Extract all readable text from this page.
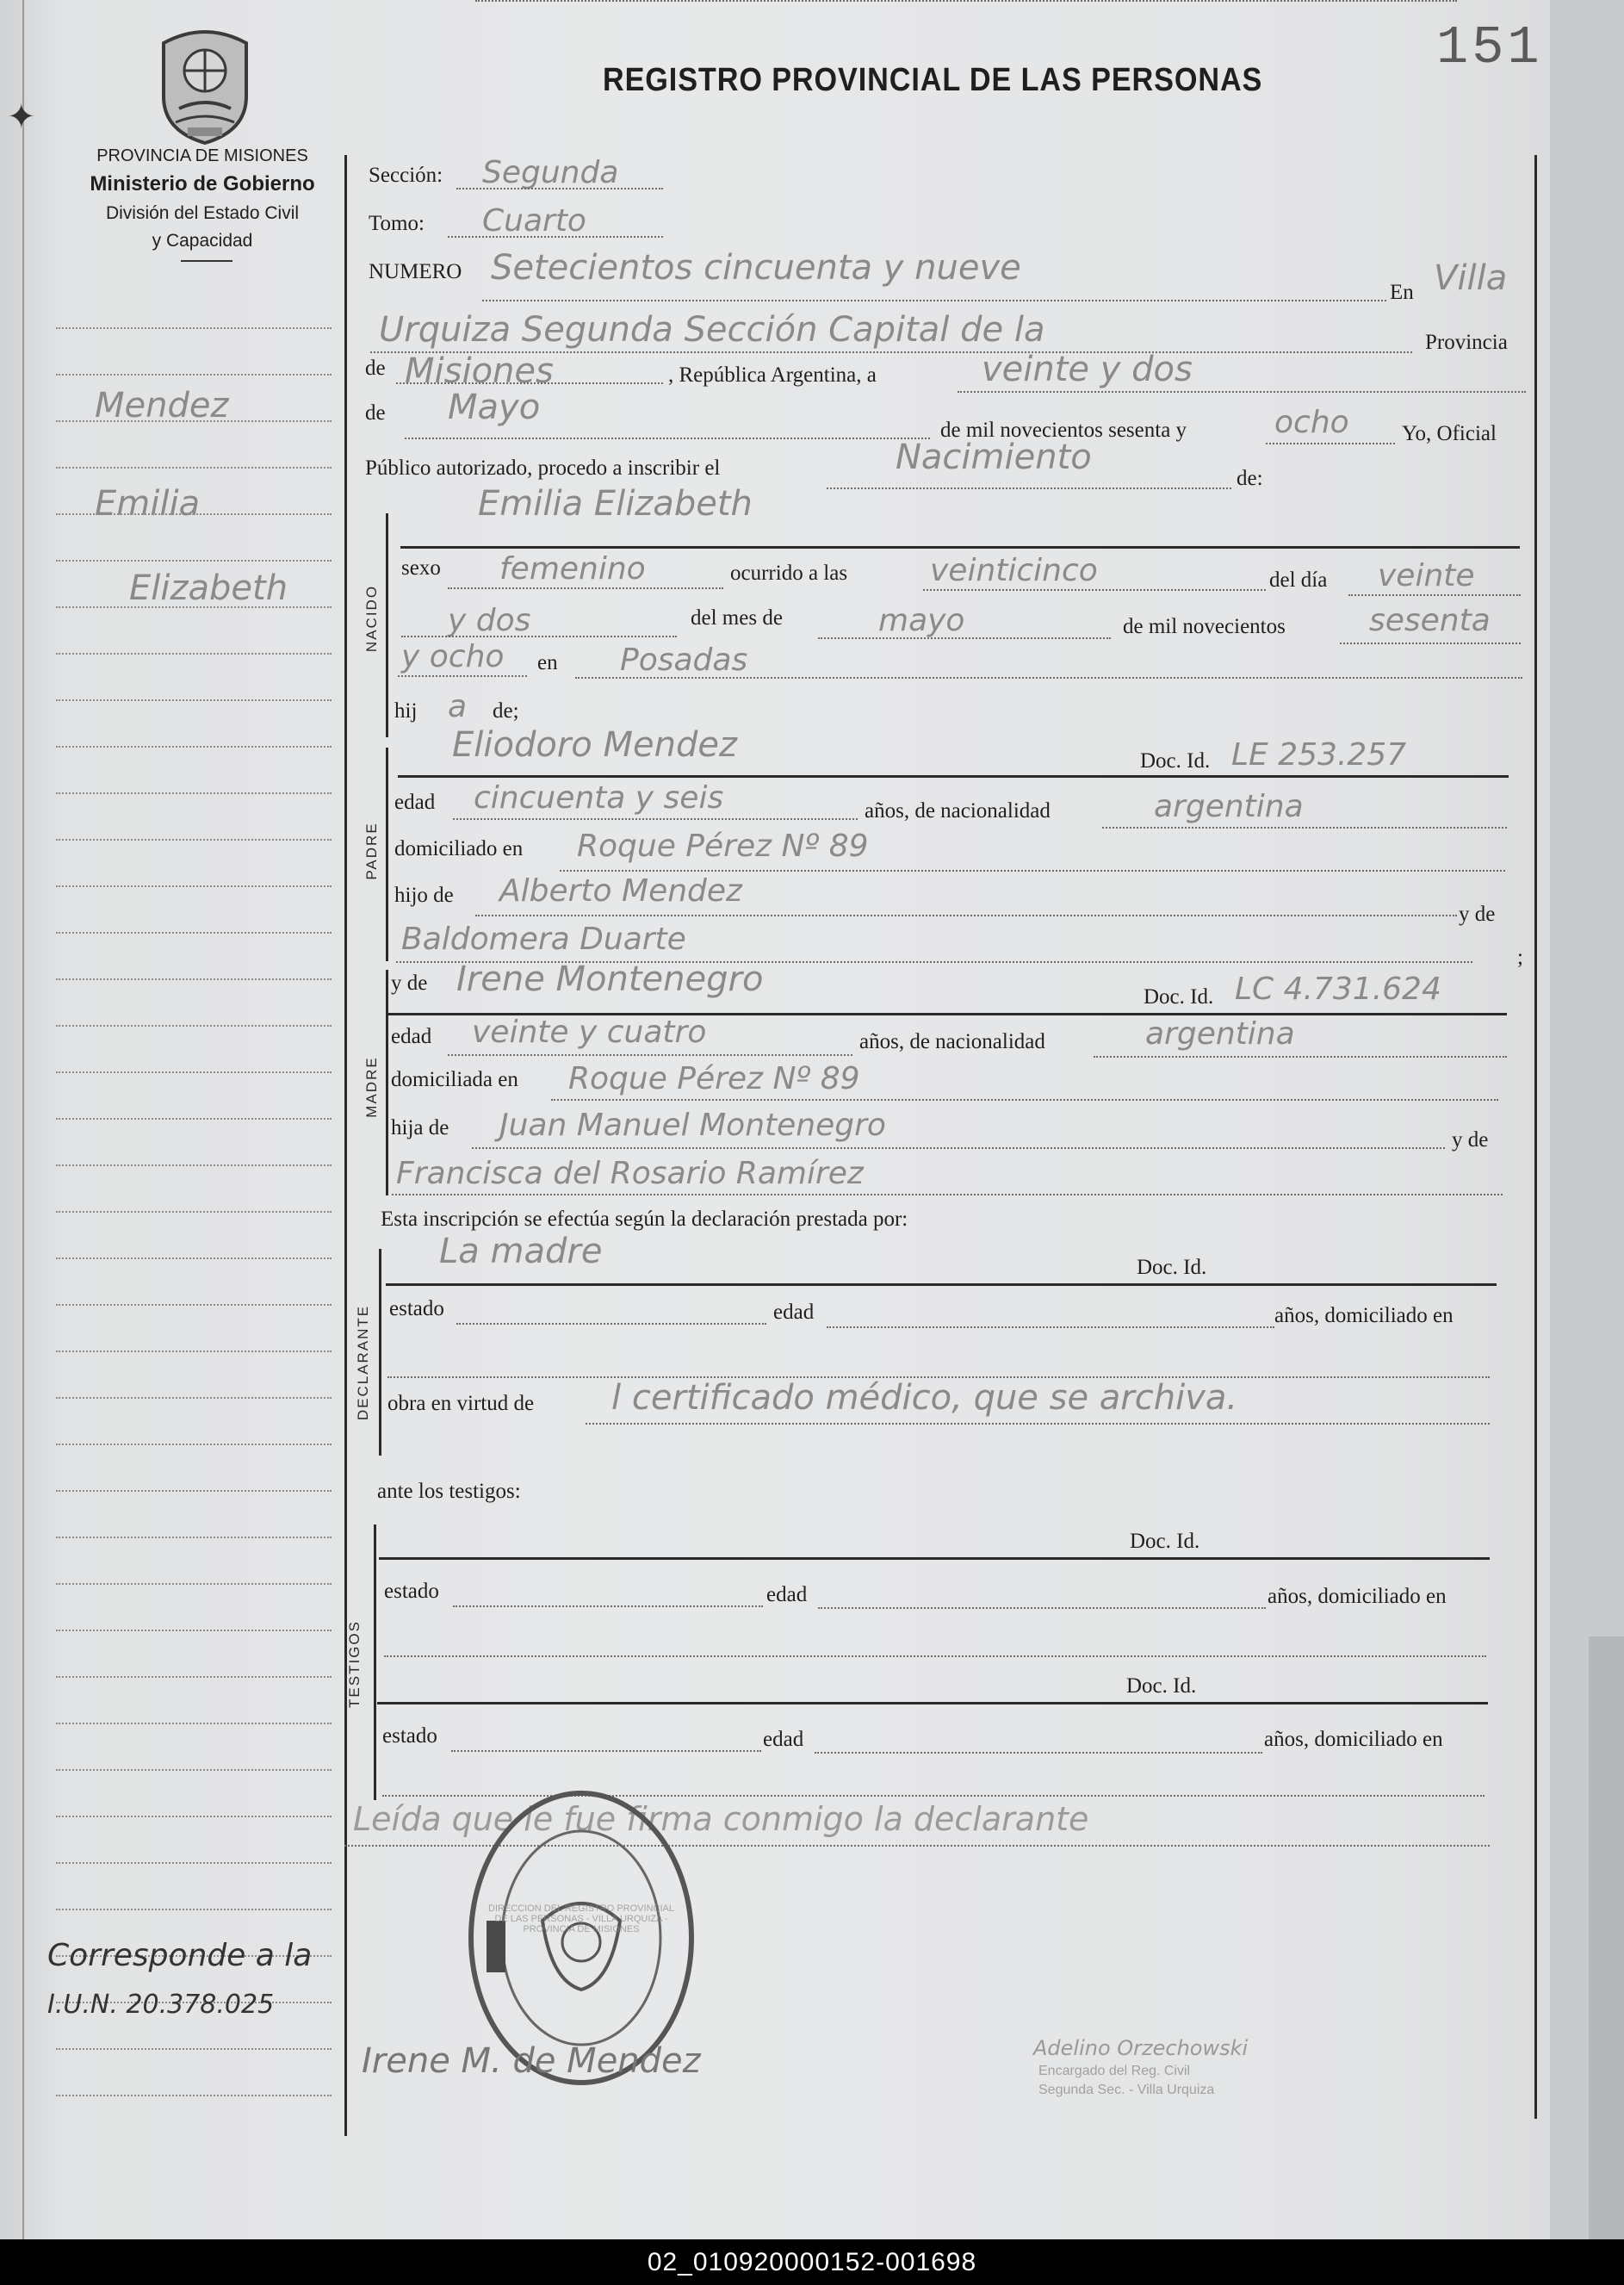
151
PROVINCIA DE MISIONES
Ministerio de Gobierno
División del Estado Civil
y Capacidad
REGISTRO PROVINCIAL DE LAS PERSONAS
Mendez
Emilia
Elizabeth
Corresponde a la
I.U.N. 20.378.025
Sección: Segunda
Tomo: Cuarto
NUMERO Setecientos cincuenta y nueve
En Villa
Urquiza Segunda Sección Capital de la	Provincia
de Misiones	, República Argentina, a	veinte y dos
de Mayo
de mil novecientos sesenta y	ocho Yo, Oficial
Público autorizado, procedo a inscribir el	Nacimiento
de:
NACIDO
Emilia Elizabeth
sexo femenino	ocurrido a las	veinticinco	del día veinte
y dos	del mes de	mayo	de mil novecientos	sesenta
y ocho en Posadas
hij a de;
PADRE
Eliodoro Mendez	Doc. Id. LE 253.257
edad cincuenta y seis	años, de nacionalidad	argentina
domiciliado en Roque Pérez Nº 89
hijo de Alberto Mendez
y de
Baldomera Duarte
;
MADRE
y de Irene Montenegro	Doc. Id. LC 4.731.624
edad veinte y cuatro	años, de nacionalidad	argentina
domiciliada en Roque Pérez Nº 89
hija de Juan Manuel Montenegro	y de
Francisca del Rosario Ramírez
Esta inscripción se efectúa según la declaración prestada por:
DECLARANTE
La madre	Doc. Id.
estado	edad	años, domiciliado en
obra en virtud de l certificado médico, que se archiva.
ante los testigos:
TESTIGOS
Doc. Id.
estado	edad	años, domiciliado en
Doc. Id.
estado	edad	años, domiciliado en
Leída que le fue firma conmigo la declarante
DIRECCION DEL REGISTRO PROVINCIAL DE LAS PERSONAS - VILLA URQUIZA - PROVINCIA DE MISIONES
Irene M. de Mendez	Adelino Orzechowski
Encargado del Reg. Civil
Segunda Sec. - Villa Urquiza
✦
02_010920000152-001698
